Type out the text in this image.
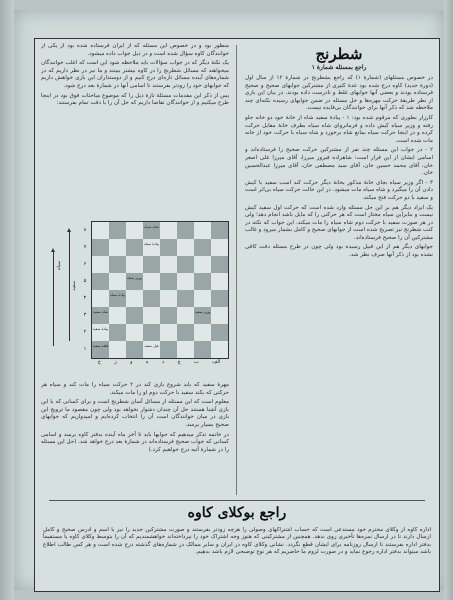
شطرنج
راجع بمسئله شمارهٔ ۱

در خصوص مسئلهای (شمارهٔ ۱) که راجع بشطرنج در شمارهٔ ۱۲ از سال اول (دورهٔ جدید) کاوه درج شده بود عدهٔ کثیری از مشترکین جوابهای صحیح و صحیح فرستاده بودند و بعضی آنها جوابهای غلط و نادرست داده بودند. در بیان این بازی از نظر طریقهٔ حرکت مهره‌ها و حل مسئله در ضمن جوابهای رسیده نکته‌ای چند ملاحظه شد که ذکر آنها برای خوانندگان بی‌فایده نیست.

کارزار بطوری که مرقوم شده بود: ۱ - پیادهٔ سفید شاه از خانهٔ خود دو خانه جلو رفته و وزیر سیاه کیش داده و فرمانروای شاه سیاه بطرف خانهٔ مقابل حرکت کرده و در اینجا حرکت سیاه بمانع شاه برخورد و شاه سیاه با حرکت خود از خانه مات شده است.

۲ - در جواب این مسئله چند نفر از مشترکین حرکت صحیح را فرستاده‌اند و اسامی ایشان از این قرار است: شاهزاده فیروز میرزا، آقای میرزا علی اصغر خان، آقای محمد حسین خان، آقای سید مصطفی خان، آقای میرزا عبدالحسین خان.

۳ - اگر وزیر سیاه بجای خانهٔ مذکور بخانهٔ دیگر حرکت کند اسب سفید با کیش دادن آن را میگیرد و شاه سیاه مات میشود. در این حالت حرکت سیاه بی‌اثر است و سفید با دو حرکت فتح میکند.

یک ایراد دیگر هم بر این حل مسئله وارد شده است که حرکت اول سفید کیش نیست و بنابراین سیاه مختار است که هر حرکتی را که مایل باشد انجام دهد؛ ولی در هر صورت سفید با حرکت دوم شاه سیاه را مات میکند. این جواب که نکته در کتب شطرنج نیز تصریح شده است از جوابهای صحیح و کامل بشمار میرود و غالب مشترکین آن را صحیح فرستاده‌اند.

جوابهای دیگر هم از این قبیل رسیده بود ولی چون در طرح مسئله دقت کافی نشده بود از ذکر آنها صرف نظر شد.

منظور بود و در خصوص این مسئله که از ایران فرستاده شده بود از یکی از خوانندگان کاوه سؤال شده است و در ذیل جواب داده میشود.

یک نکتهٔ دیگر که در جواب سؤالات باید ملاحظه شود این است که اغلب خوانندگان میخواهند که مسائل شطرنج را در کاوه بیشتر ببینند و ما نیز در نظر داریم که در شماره‌های آینده مسائل تازه‌ای درج کنیم و از دوستداران این بازی خواهش داریم که جوابهای خود را زودتر بفرستند تا اسامی آنها در شمارهٔ بعد درج شود.

پس از ذکر این مقدمات مسئلهٔ تازهٔ ذیل را که موضوع مباحثات فوق بود در اینجا طرح میکنیم و از خوانندگان تقاضا داریم که حل آن را با دقت تمام بفرستند:

سیاه
سفید
۸
۷
۶
۵
۴
۳
۲
۱
شاه سیاه
پیادهٔ سیاه
وزیر سیاه
پیادهٔ سیاه
شاه سفید	وزیر سفید
پیادهٔ سفید
قلعه سفید	فیل سفید
الف
ب
ج
د
ه
و
ز
ح

مهرهٔ سفید که باید شروع بازی کند در ۲ حرکت سیاه را مات کند و سیاه هر حرکتی که بکند سفید با حرکت دوم او را مات میکند.

معلوم است که این مسئله از مسائل آسان شطرنج است و برای کسانی که با این بازی آشنا هستند حل آن چندان دشوار نخواهد بود ولی چون مقصود ما ترویج این بازی در میان خوانندگان است آن را انتخاب کرده‌ایم و امیدواریم که جوابهای صحیح بسیار برسد.

در خاتمه تذکر میدهیم که جوابها باید تا آخر ماه آینده بدفتر کاوه برسد و اسامی کسانی که جواب صحیح فرستاده‌اند در شمارهٔ بعد درج خواهد شد. (حل این مسئله را در شمارهٔ آتیه درج خواهیم کرد.)

راجع بوکلای کاوه
اداره کاوه از وکلای محترم خود مستدعی است که حساب اشتراکهای وصولی را هرچه زودتر بفرستند و صورت مشترکین جدید را نیز با اسم و آدرس صحیح و کامل ارسال دارند تا در ارسال نمره‌ها تأخیری روی ندهد. همچنین از مشترکینی که هنوز وجه اشتراک خود را نپرداخته‌اند خواهشمندیم که آن را بتوسط وکلای کاوه یا مستقیماً بدفتر اداره بفرستند تا ارسال روزنامه برای ایشان قطع نگردد. نشانی وکلای کاوه در ایران و سایر ممالک در شماره‌های گذشته درج شده است و هر کس طالب اطلاع باشد میتواند بدفتر اداره رجوع نماید و در صورت لزوم ما حاضریم که هر نوع توضیحی لازم باشد بدهیم.
